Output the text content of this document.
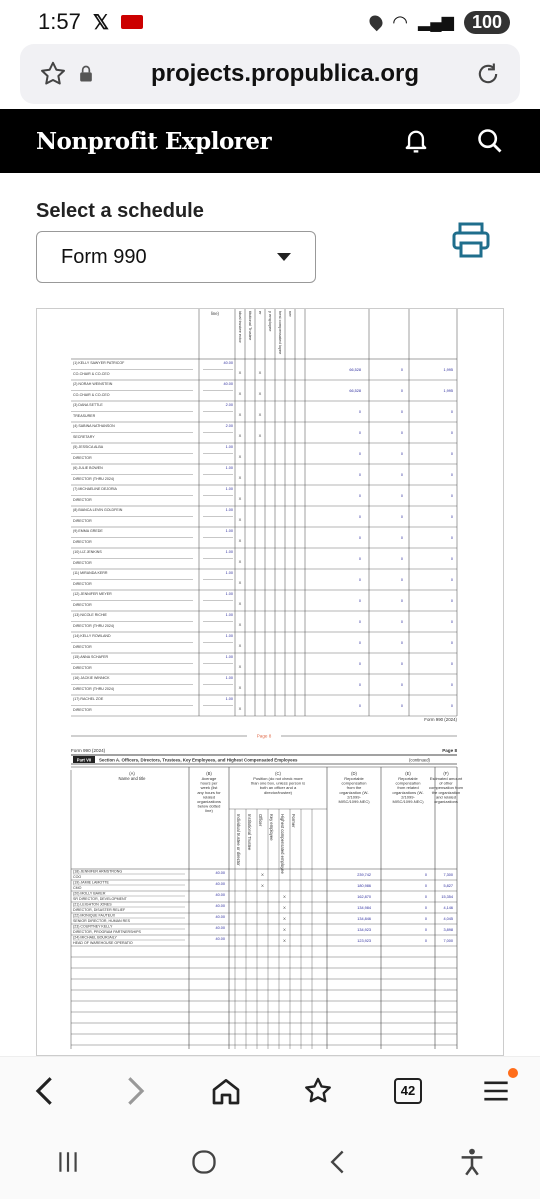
1:57 𝕏	◠ ▂▄▆	100
projects.propublica.org
Nonprofit Explorer
Select a schedule
Form 990
line)	idual trustee ector titutional Trustee er y employee hest compensated loyee ner
(1) KELLY SAWYER PATRICOF
CO-CHAIR & CO-CEO
40.00
X	X	66,528	0	1,995
(2) NORAH WEINSTEIN
CO-CHAIR & CO-CEO
40.00
X	X	66,528	0	1,995
(3) DANA SETTLE
TREASURER
2.00
X	X	0	0	0
(4) SABINA NATHANSON
SECRETARY
2.00
X	X	0	0	0
(5) JESSICA ALBA
DIRECTOR
1.00
X	0	0	0
(6) JULIE BOWEN
DIRECTOR (THRU 2024)
1.00
X	0	0	0
(7) MICHAELINE DEJORIA
DIRECTOR
1.00
X	0	0	0
(8) BIANCA LEVIN GOLDFEIN
DIRECTOR
1.00
X	0	0	0
(9) EMMA GREDE
DIRECTOR
1.00
X	0	0	0
(10) LIZ JENKINS
DIRECTOR
1.00
X	0	0	0
(11) MIRANDA KERR
DIRECTOR
1.00
X	0	0	0
(12) JENNIFER MEYER
DIRECTOR
1.00
X	0	0	0
(13) NICOLE RICHIE
DIRECTOR (THRU 2024)
1.00
X	0	0	0
(14) KELLY ROWLAND
DIRECTOR
1.00
X	0	0	0
(15) ANNA SCHAFER
DIRECTOR
1.00
X	0	0	0
(16) JACKIE WINNICK
DIRECTOR (THRU 2024)
1.00
X	0	0	0
(17) RACHEL ZOE
DIRECTOR
1.00
X	0	0	0
Form 990 (2024)
Page 8
Form 990 (2024)	Page 8
Part VII Section A. Officers, Directors, Trustees, Key Employees, and Highest Compensated Employees	(continued)
(A)
Name and title
(B)
Average
hours per
week (list
any hours for
related
organizations
below dotted
line)
(C)
Position (do not check more
than one box, unless person is
both an officer and a
director/trustee)
(D)
Reportable
compensation
from the
organization (W-
2/1099-
MISC/1099-NEC)
(E)
Reportable
compensation
from related
organizations (W-
2/1099-
MISC/1099-NEC)
(F)
Estimated amount
of other
compensation from
the organization
and related
organizations
Individual trustee or director Institutional Trustee Officer Key employee Highest compensated employee Former
(18) JENNIFER ARMSTRONG
COO
40.00	X	239,742	0	7,300
(19) JAMIE LAMOTTE
CMO
40.00	X	180,986	0	5,827
(20) MOLLY BAKER
SR DIRECTOR, DEVELOPMENT
40.00	X	162,870	0	15,354
(21) LEIGHTON JONES
DIRECTOR, DISASTER RELIEF
40.00	X	134,984	0	4,146
(22) MONIQUE FAUTEUX
SENIOR DIRECTOR, HUMAN RES
40.00	X	134,846	0	4,045
(23) COURTNEY KELLY
DIRECTOR, PROGRAM PARTNERSHIPS
40.00	X	134,923	0	3,898
(24) MICHAEL BOURJAILY
HEAD OF WAREHOUSE OPERATIO
40.00	X	123,923	0	7,000
42
